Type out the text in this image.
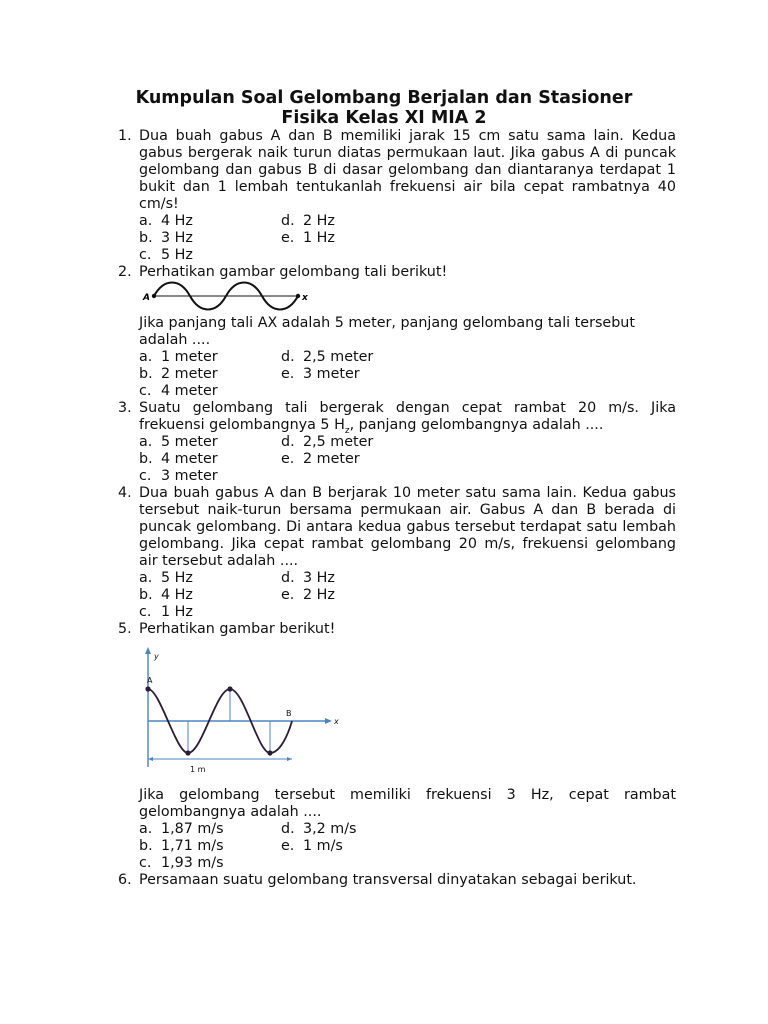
Kumpulan Soal Gelombang Berjalan dan Stasioner
Fisika Kelas XI MIA 2
1. Dua buah gabus A dan B memiliki jarak 15 cm satu sama lain. Kedua gabus bergerak naik turun diatas permukaan laut. Jika gabus A di puncak gelombang dan gabus B di dasar gelombang dan diantaranya terdapat 1 bukit dan 1 lembah tentukanlah frekuensi air bila cepat rambatnya 40 cm/s!
a. 4 Hz	d. 2 Hz
b. 3 Hz	e. 1 Hz
c. 5 Hz
2. Perhatikan gambar gelombang tali berikut!
A	x
Jika panjang tali AX adalah 5 meter, panjang gelombang tali tersebut adalah ....
a. 1 meter	d. 2,5 meter
b. 2 meter	e. 3 meter
c. 4 meter
3. Suatu gelombang tali bergerak dengan cepat rambat 20 m/s. Jika frekuensi gelombangnya 5 $H_z$, panjang gelombangnya adalah ....
a. 5 meter	d. 2,5 meter
b. 4 meter	e. 2 meter
c. 3 meter
4. Dua buah gabus A dan B berjarak 10 meter satu sama lain. Kedua gabus tersebut naik-turun bersama permukaan air. Gabus A dan B berada di puncak gelombang. Di antara kedua gabus tersebut terdapat satu lembah gelombang. Jika cepat rambat gelombang 20 m/s, frekuensi gelombang air tersebut adalah ....
a. 5 Hz	d. 3 Hz
b. 4 Hz	e. 2 Hz
c. 1 Hz
5. Perhatikan gambar berikut!
y
x
A
B
1 m
Jika gelombang tersebut memiliki frekuensi 3 Hz, cepat rambat gelombangnya adalah ....
a. 1,87 m/s	d. 3,2 m/s
b. 1,71 m/s	e. 1 m/s
c. 1,93 m/s
6. Persamaan suatu gelombang transversal dinyatakan sebagai berikut.
